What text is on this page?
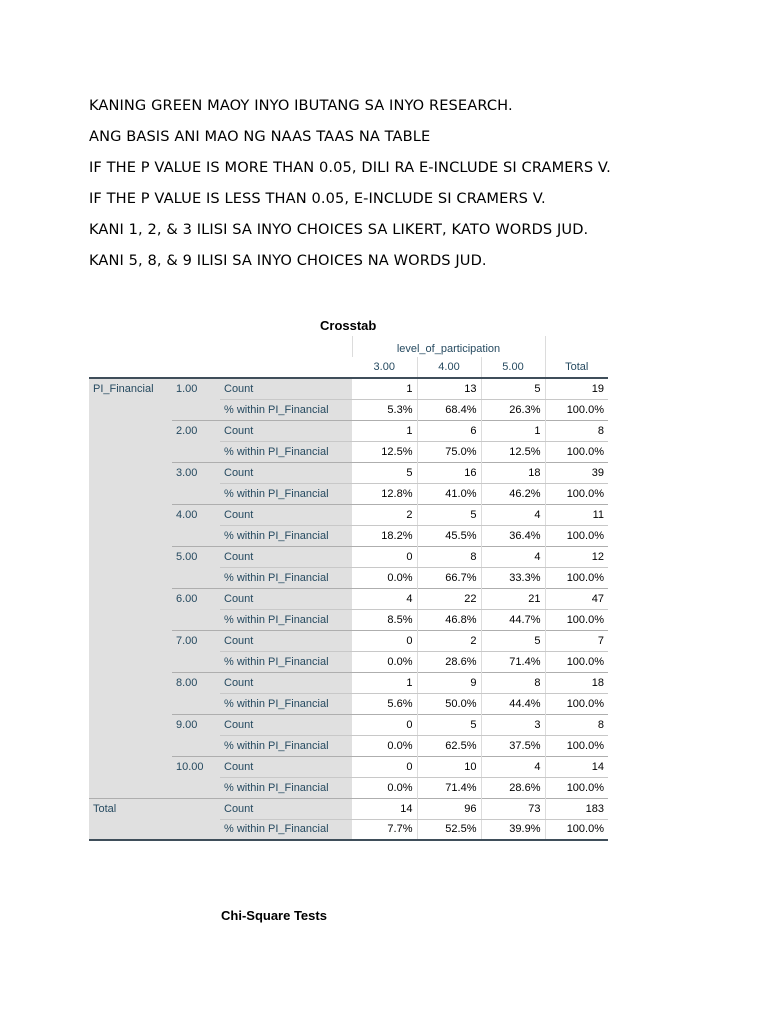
KANING GREEN MAOY INYO IBUTANG SA INYO RESEARCH.
ANG BASIS ANI MAO NG NAAS TAAS NA TABLE
IF THE P VALUE IS MORE THAN 0.05, DILI RA E-INCLUDE SI CRAMERS V.
IF THE P VALUE IS LESS THAN 0.05, E-INCLUDE SI CRAMERS V.
KANI 1, 2, & 3 ILISI SA INYO CHOICES SA LIKERT, KATO WORDS JUD.
KANI 5, 8, & 9 ILISI SA INYO CHOICES NA WORDS JUD.
Crosstab
			level_of_participation			
			3.00	4.00	5.00	Total
PI_Financial	1.00	Count	1	13	5	19
		% within PI_Financial	5.3%	68.4%	26.3%	100.0%
	2.00	Count	1	6	1	8
		% within PI_Financial	12.5%	75.0%	12.5%	100.0%
	3.00	Count	5	16	18	39
		% within PI_Financial	12.8%	41.0%	46.2%	100.0%
	4.00	Count	2	5	4	11
		% within PI_Financial	18.2%	45.5%	36.4%	100.0%
	5.00	Count	0	8	4	12
		% within PI_Financial	0.0%	66.7%	33.3%	100.0%
	6.00	Count	4	22	21	47
		% within PI_Financial	8.5%	46.8%	44.7%	100.0%
	7.00	Count	0	2	5	7
		% within PI_Financial	0.0%	28.6%	71.4%	100.0%
	8.00	Count	1	9	8	18
		% within PI_Financial	5.6%	50.0%	44.4%	100.0%
	9.00	Count	0	5	3	8
		% within PI_Financial	0.0%	62.5%	37.5%	100.0%
	10.00	Count	0	10	4	14
		% within PI_Financial	0.0%	71.4%	28.6%	100.0%
Total		Count	14	96	73	183
		% within PI_Financial	7.7%	52.5%	39.9%	100.0%
Chi-Square Tests
